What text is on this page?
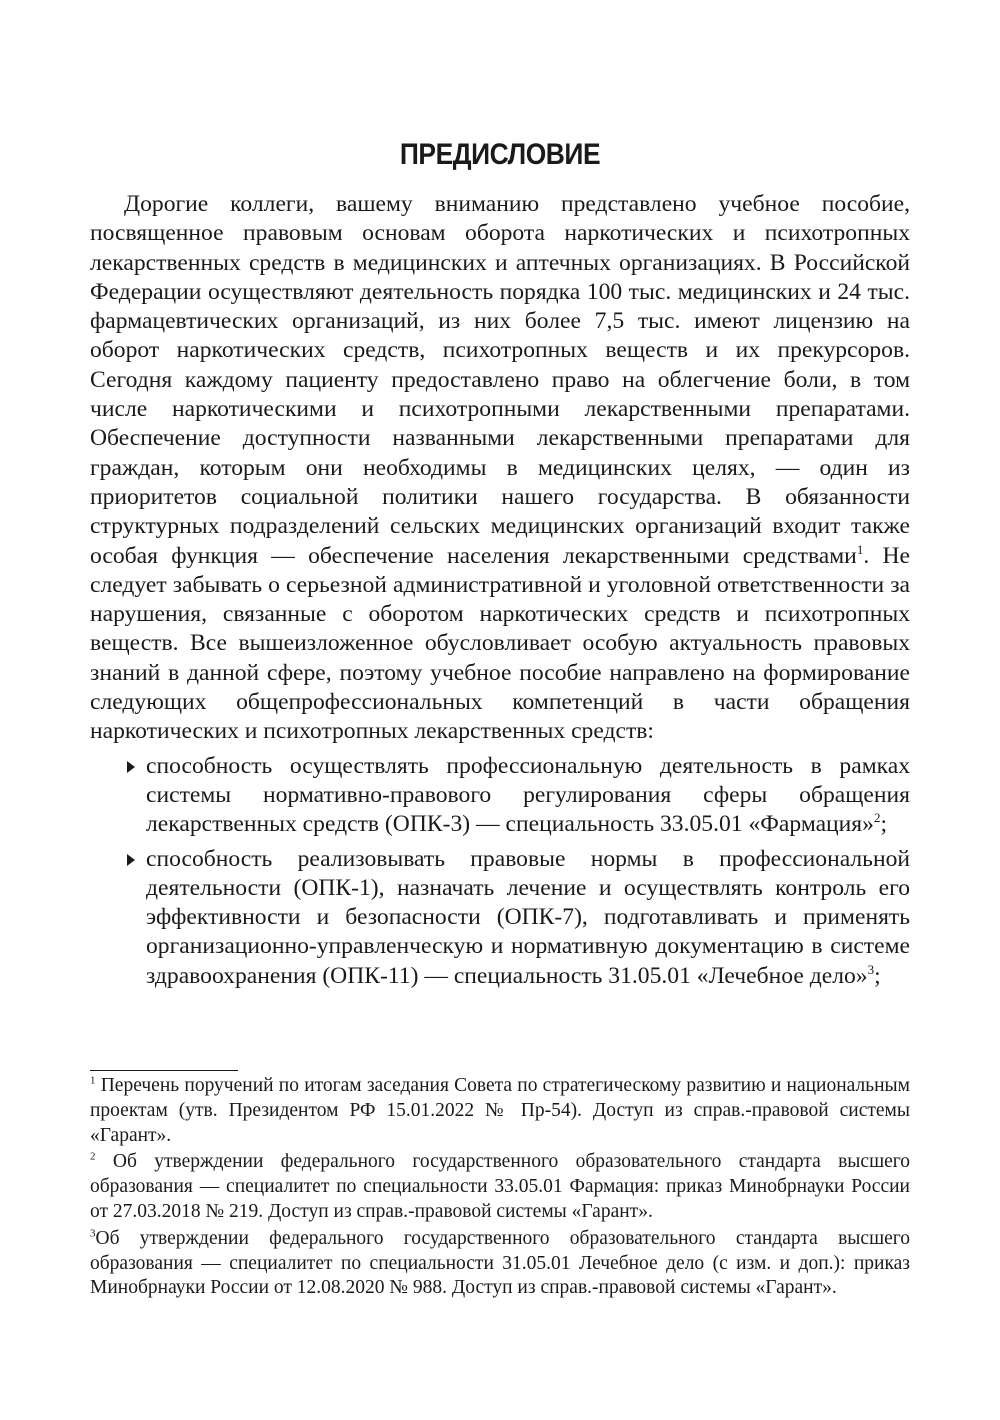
ПРЕДИСЛОВИЕ

Дорогие коллеги, вашему вниманию представлено учебное пособие, посвященное правовым основам оборота наркотических и психотропных лекарственных средств в медицинских и аптечных организациях. В Российской Федерации осуществляют деятельность порядка 100 тыс. медицинских и 24 тыс. фармацевтических организаций, из них более 7,5 тыс. имеют лицензию на оборот наркотических средств, психотропных веществ и их прекурсоров. Сегодня каждому пациенту предоставлено право на облегчение боли, в том числе наркотическими и психотропными лекарственными препаратами. Обеспечение доступности названными лекарственными препаратами для граждан, которым они необходимы в медицинских целях, — один из приоритетов социальной политики нашего государства. В обязанности структурных подразделений сельских медицинских организаций входит также особая функция — обеспечение населения лекарственными средствами$^1$. Не следует забывать о серьезной административной и уголовной ответственности за нарушения, связанные с оборотом наркотических средств и психотропных веществ. Все вышеизложенное обусловливает особую актуальность правовых знаний в данной сфере, поэтому учебное пособие направлено на формирование следующих общепрофессиональных компетенций в части обращения наркотических и психотропных лекарственных средств:

способность осуществлять профессиональную деятельность в рамках системы нормативно-правового регулирования сферы обращения лекарственных средств (ОПК-3) — специальность 33.05.01 «Фармация»$^2$;
способность реализовывать правовые нормы в профессиональной деятельности (ОПК-1), назначать лечение и осуществлять контроль его эффективности и безопасности (ОПК-7), подготавливать и применять организационно-управленческую и нормативную документацию в системе здравоохранения (ОПК-11) — специальность 31.05.01 «Лечебное дело»$^3$;

$^1$ Перечень поручений по итогам заседания Совета по стратегическому развитию и национальным проектам (утв. Президентом РФ 15.01.2022 № Пр-54). Доступ из справ.-правовой системы «Гарант».

$^2$ Об утверждении федерального государственного образовательного стандарта высшего образования — специалитет по специальности 33.05.01 Фармация: приказ Минобрнауки России от 27.03.2018 № 219. Доступ из справ.-правовой системы «Гарант».

$^3$Об утверждении федерального государственного образовательного стандарта высшего образования — специалитет по специальности 31.05.01 Лечебное дело (с изм. и доп.): приказ Минобрнауки России от 12.08.2020 № 988. Доступ из справ.-правовой системы «Гарант».
